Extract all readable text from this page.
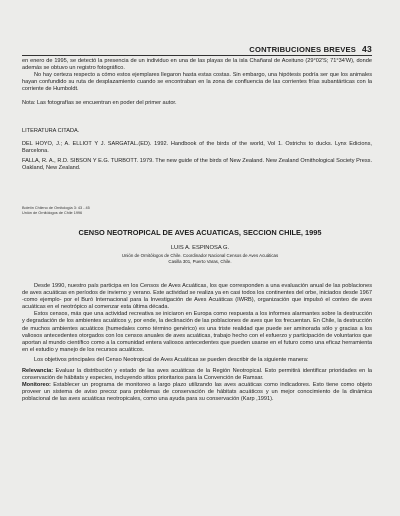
CONTRIBUCIONES BREVES 43

en enero de 1995, se detectó la presencia de un individuo en una de las playas de la isla Chañaral de Aceituno (29°02'S; 71°34'W), donde además se obtuvo un registro fotográfico.

No hay certeza respecto a cómo estos ejemplares llegaron hasta estas costas. Sin embargo, una hipótesis podría ser que los animales hayan confundido su ruta de desplazamiento cuando se encontraban en la zona de confluencia de las corrientes frías subantárticas con la corriente de Humboldt.

Nota: Las fotografías se encuentran en poder del primer autor.

LITERATURA CITADA.

DEL HOYO, J.; A. ELLIOT Y J. SARGATAL.(ED). 1992. Handbook of the birds of the world, Vol 1. Ostrichs to ducks. Lynx Edicions, Barcelona.

FALLA, R. A., R.D. SIBSON Y E.G. TURBOTT. 1979. The new guide of the birds of New Zealand. New Zealand Ornithological Society Press. Oakland, New Zealand.

Boletín Chileno de Ornitología 3: 43 - 45
Unión de Ornitólogos de Chile 1996
CENSO NEOTROPICAL DE AVES ACUATICAS, SECCION CHILE, 1995
LUIS A. ESPINOSA G.
Unión de Ornitólogos de Chile. Coordinador Nacional Censos de Aves Acuáticas
Casilla 301, Puerto Varas, Chile.

Desde 1990, nuestro país participa en los Censos de Aves Acuáticas, los que corresponden a una evaluación anual de las poblaciones de aves acuáticas en períodos de invierno y verano. Este actividad se realiza ya en casi todos los continentes del orbe, iniciados desde 1967 -como ejemplo- por el Buró Internacional para la Investigación de Aves Acuáticas (IWRB), organización que impulsó el conteo de aves acuáticas en el neotrópico al comenzar esta última década.

Estos censos, más que una actividad recreativa se iniciaron en Europa como respuesta a los informes alarmantes sobre la destrucción y degradación de los ambientes acuáticos y, por ende, la declinación de las poblaciones de aves que los frecuentan. En Chile, la destrucción de muchos ambientes acuáticos (humedales como término genérico) es una triste realidad que puede ser aminorada sólo y gracias a los valiosos antecedentes otorgados con los censos anuales de aves acuáticas, trabajo hecho con el esfuerzo y participación de voluntarios que aportan al mundo científico como a la comunidad entera valiosos antecedentes que pueden usarse en el futuro como una eficaz herramienta en el estudio y manejo de los recursos acuáticos.

Los objetivos principales del Censo Neotropical de Aves Acuáticas se pueden describir de la siguiente manera:

Relevancia: Evaluar la distribución y estado de las aves acuáticas de la Región Neotropical. Esto permitirá identificar prioridades en la conservación de hábitats y especies, incluyendo sitios prioritarios para la Convención de Ramsar.

Monitoreo: Establecer un programa de monitoreo a largo plazo utilizando las aves acuáticas como indicadores. Esto tiene como objeto proveer un sistema de aviso precoz para problemas de conservación de hábitats acuáticos y un mejor conocimiento de la dinámica poblacional de las aves acuáticas neotropicales, como una ayuda para su conservación (Karp ,1991).
